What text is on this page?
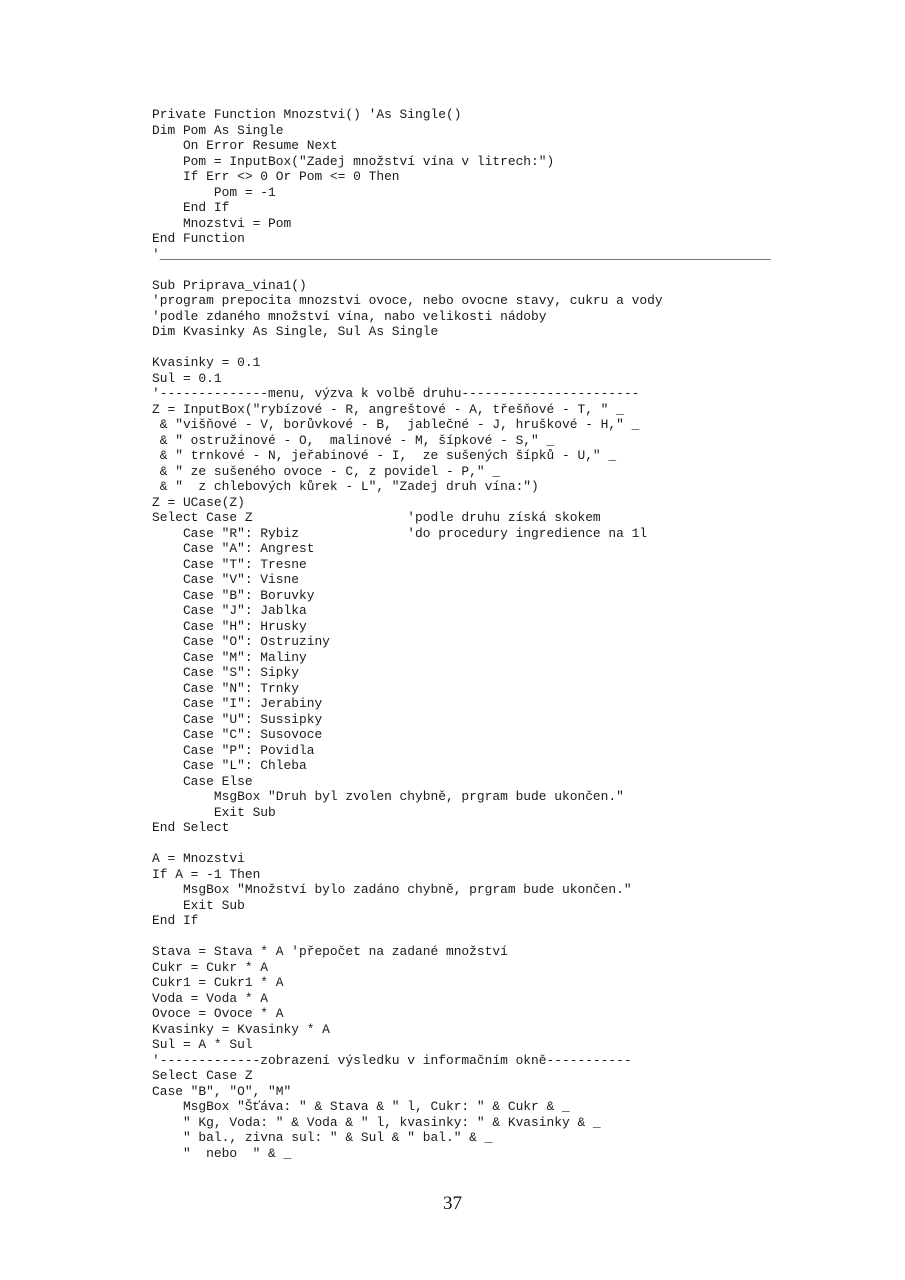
Private Function Mnozstvi() 'As Single()
Dim Pom As Single
On Error Resume Next
Pom = InputBox("Zadej množství vína v litrech:")
If Err <> 0 Or Pom <= 0 Then
Pom = -1
End If
Mnozstvi = Pom
End Function
'_______________________________________________________________________________
Sub Priprava_vina1()
'program prepocita mnozstvi ovoce, nebo ovocne stavy, cukru a vody
'podle zdaného množství vína, nabo velikosti nádoby
Dim Kvasinky As Single, Sul As Single
Kvasinky = 0.1
Sul = 0.1
'--------------menu, výzva k volbě druhu-----------------------
Z = InputBox("rybízové - R, angreštové - A, třešňové - T, " _
& "višňové - V, borůvkové - B,  jablečné - J, hruškové - H," _
& " ostružinové - O,  malinové - M, šípkové - S," _
& " trnkové - N, jeřabinové - I,  ze sušených šípků - U," _
& " ze sušeného ovoce - C, z povidel - P," _
& "  z chlebových kůrek - L", "Zadej druh vína:")
Z = UCase(Z)
Select Case Z                    'podle druhu získá skokem
Case "R": Rybiz              'do procedury ingredience na 1l
Case "A": Angrest
Case "T": Tresne
Case "V": Visne
Case "B": Boruvky
Case "J": Jablka
Case "H": Hrusky
Case "O": Ostruziny
Case "M": Maliny
Case "S": Sipky
Case "N": Trnky
Case "I": Jerabiny
Case "U": Sussipky
Case "C": Susovoce
Case "P": Povidla
Case "L": Chleba
Case Else
MsgBox "Druh byl zvolen chybně, prgram bude ukončen."
Exit Sub
End Select
A = Mnozstvi
If A = -1 Then
MsgBox "Množství bylo zadáno chybně, prgram bude ukončen."
Exit Sub
End If
Stava = Stava * A 'přepočet na zadané množství
Cukr = Cukr * A
Cukr1 = Cukr1 * A
Voda = Voda * A
Ovoce = Ovoce * A
Kvasinky = Kvasinky * A
Sul = A * Sul
'-------------zobrazení výsledku v informačním okně-----------
Select Case Z
Case "B", "O", "M"
MsgBox "Šťáva: " & Stava & " l, Cukr: " & Cukr & _
" Kg, Voda: " & Voda & " l, kvasinky: " & Kvasinky & _
" bal., zivna sul: " & Sul & " bal." & _
"  nebo  " & _
37
